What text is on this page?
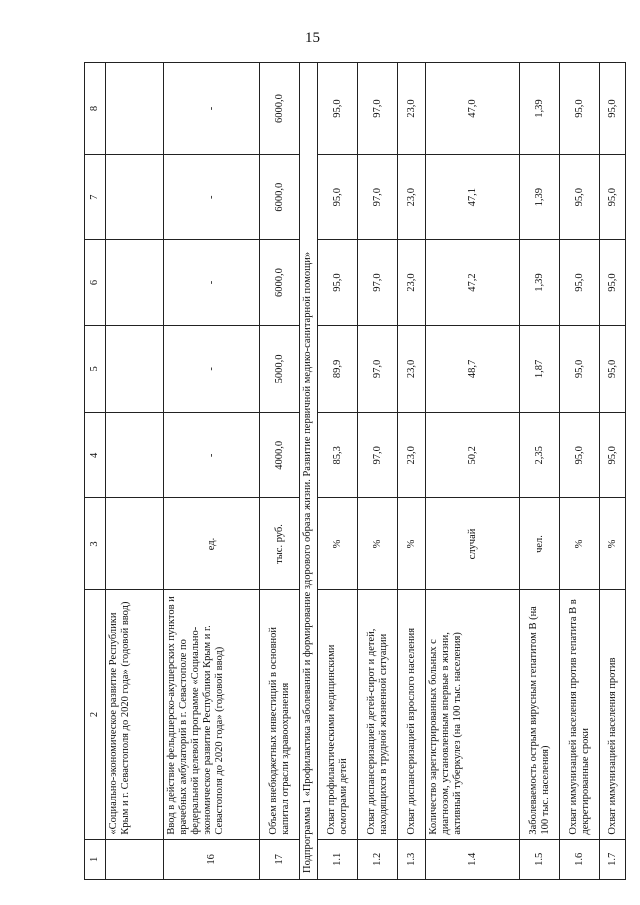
15
1	2	3	4	5	6	7	8
	«Социально-экономическое развитие Республики Крым и г. Севастополя до 2020 года» (годовой ввод)						
16	Ввод в действие фельдшерско-акушерских пунктов и врачебных амбулаторий в г. Севастополе по федеральной целевой программе «Социально-экономическое развитие Республики Крым и г. Севастополя до 2020 года» (годовой ввод)	ед.	-	-	-	-	-
17	Объем внебюджетных инвестиций в основной капитал отрасли здравоохранения	тыс. руб.	4000,0	5000,0	6000,0	6000,0	6000,0
Подпрограмма 1 «Профилактика заболеваний и формирование здорового образа жизни. Развитие первичной медико-санитарной помощи»							
1.1	Охват профилактическими медицинскими осмотрами детей	%	85,3	89,9	95,0	95,0	95,0
1.2	Охват диспансеризацией детей-сирот и детей, находящихся в трудной жизненной ситуации	%	97,0	97,0	97,0	97,0	97,0
1.3	Охват диспансеризацией взрослого населения	%	23,0	23,0	23,0	23,0	23,0
1.4	Количество зарегистрированных больных с диагнозом, установленным впервые в жизни, активный туберкулез (на 100 тыс. населения)	случай	50,2	48,7	47,2	47,1	47,0
1.5	Заболеваемость острым вирусным гепатитом В (на 100 тыс. населения)	чел.	2,35	1,87	1,39	1,39	1,39
1.6	Охват иммунизацией населения против гепатита В в декретированные сроки	%	95,0	95,0	95,0	95,0	95,0
1.7	Охват иммунизацией населения против	%	95,0	95,0	95,0	95,0	95,0
